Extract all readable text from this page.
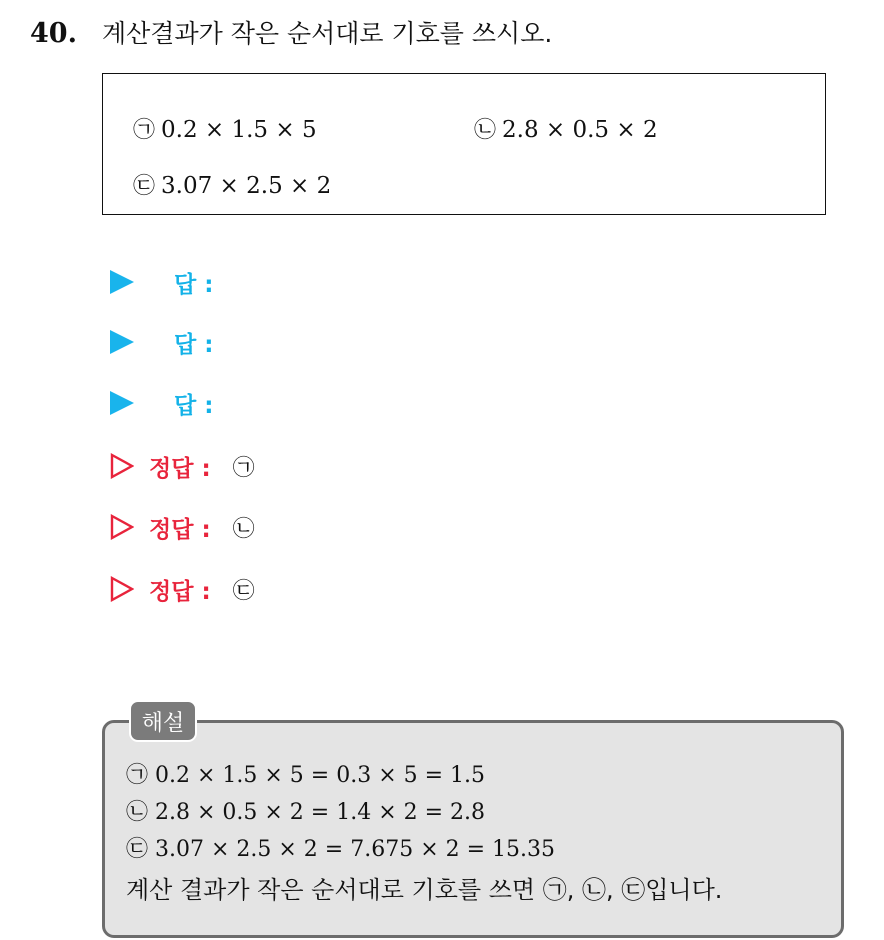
40.	계산결과가 작은 순서대로 기호를 쓰시오.
㉠ 0.2 × 1.5 × 5	㉡ 2.8 × 0.5 × 2
㉢ 3.07 × 2.5 × 2
답 :
답 :
답 :
정답 : ㉠
정답 : ㉡
정답 : ㉢
해설
㉠ 0.2 × 1.5 × 5 = 0.3 × 5 = 1.5
㉡ 2.8 × 0.5 × 2 = 1.4 × 2 = 2.8
㉢ 3.07 × 2.5 × 2 = 7.675 × 2 = 15.35
계산 결과가 작은 순서대로 기호를 쓰면 ㉠, ㉡, ㉢입니다.
